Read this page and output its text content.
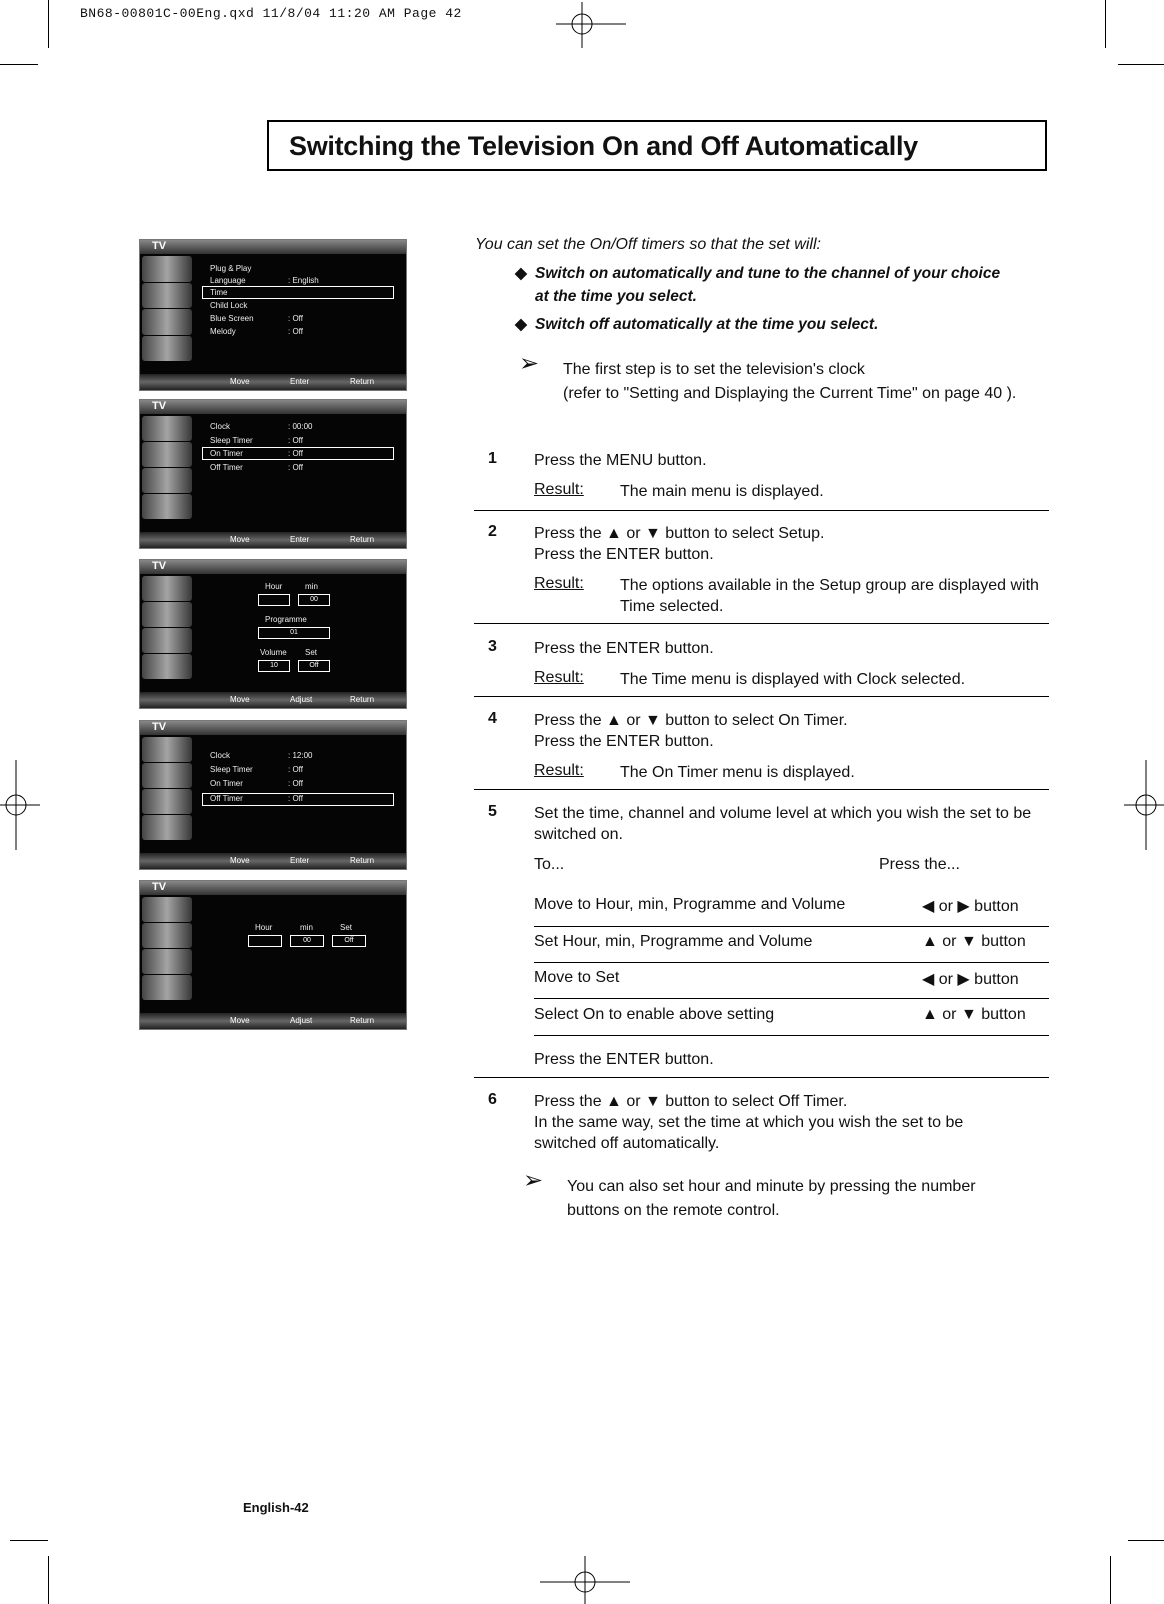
BN68-00801C-00Eng.qxd 11/8/04 11:20 AM Page 42
Switching the Television On and Off Automatically
TV
Plug & Play
Language	: English
Time
Child Lock
Blue Screen	: Off
Melody	: Off
Move	Enter	Return
TV
Clock	: 00:00
Sleep Timer	: Off
On Timer	: Off
Off Timer	: Off
Move	Enter	Return
TV
Hour	min
00
Programme
01
Volume Set
10	Off
Move	Adjust	Return
TV
Clock	: 12:00
Sleep Timer	: Off
On Timer	: Off
Off Timer	: Off
Move	Enter	Return
TV
Hour	min	Set
00	Off
Move	Adjust	Return
You can set the On/Off timers so that the set will:
◆ Switch on automatically and tune to the channel of your choice at the time you select.
◆ Switch off automatically at the time you select.
➢ The first step is to set the television's clock
(refer to "Setting and Displaying the Current Time" on page 40 ).
1 Press the MENU button.
Result: The main menu is displayed.
2 Press the ▲ or ▼ button to select Setup.
Press the ENTER button.
Result: The options available in the Setup group are displayed with Time selected.
3 Press the ENTER button.
Result: The Time menu is displayed with Clock selected.
4 Press the ▲ or ▼ button to select On Timer.
Press the ENTER button.
Result: The On Timer menu is displayed.
5 Set the time, channel and volume level at which you wish the set to be switched on.
To...	Press the...
Move to Hour, min, Programme and Volume	◀ or ▶ button
Set Hour, min, Programme and Volume	▲ or ▼ button
Move to Set	◀ or ▶ button
Select On to enable above setting	▲ or ▼ button
Press the ENTER button.
6 Press the ▲ or ▼ button to select Off Timer.
In the same way, set the time at which you wish the set to be switched off automatically.
➢ You can also set hour and minute by pressing the number
buttons on the remote control.
English-42
